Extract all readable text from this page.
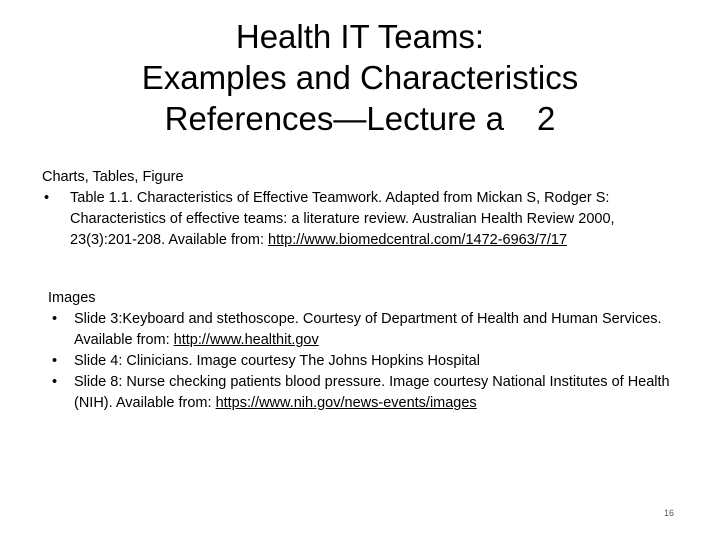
Health IT Teams:
Examples and Characteristics
References—Lecture a　2
Charts, Tables, Figure
• Table 1.1. Characteristics of Effective Teamwork. Adapted from Mickan S, Rodger S: Characteristics of effective teams: a literature review. Australian Health Review 2000, 23(3):201-208. Available from: http://www.biomedcentral.com/1472-6963/7/17
Images
• Slide 3:Keyboard and stethoscope. Courtesy of Department of Health and Human Services. Available from: http://www.healthit.gov
• Slide 4: Clinicians. Image courtesy The Johns Hopkins Hospital
• Slide 8: Nurse checking patients blood pressure. Image courtesy National Institutes of Health (NIH). Available from: https://www.nih.gov/news-events/images
16
